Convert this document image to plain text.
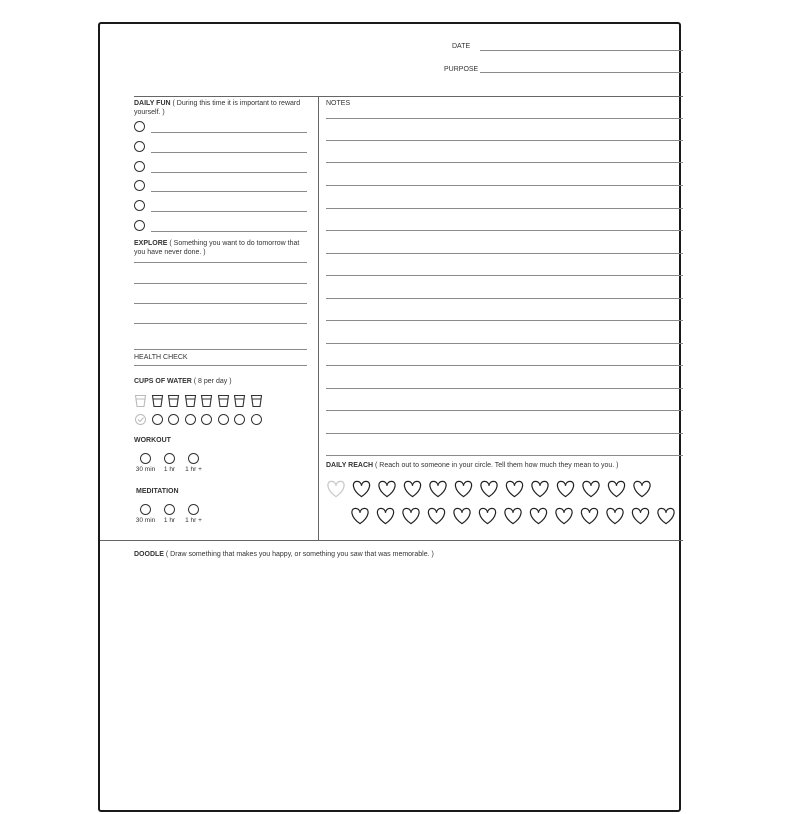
DATE
PURPOSE
DAILY FUN ( During this time it is important to reward yourself. )
EXPLORE ( Something you want to do tomorrow that you have never done. )
HEALTH CHECK
CUPS OF WATER ( 8 per day )
WORKOUT
MEDITATION
NOTES
DAILY REACH ( Reach out to someone in your circle. Tell them how much they mean to you. )
DOODLE ( Draw something that makes you happy, or something you saw that was memorable. )
30 min 1 hr 1 hr +
30 min 1 hr 1 hr +
